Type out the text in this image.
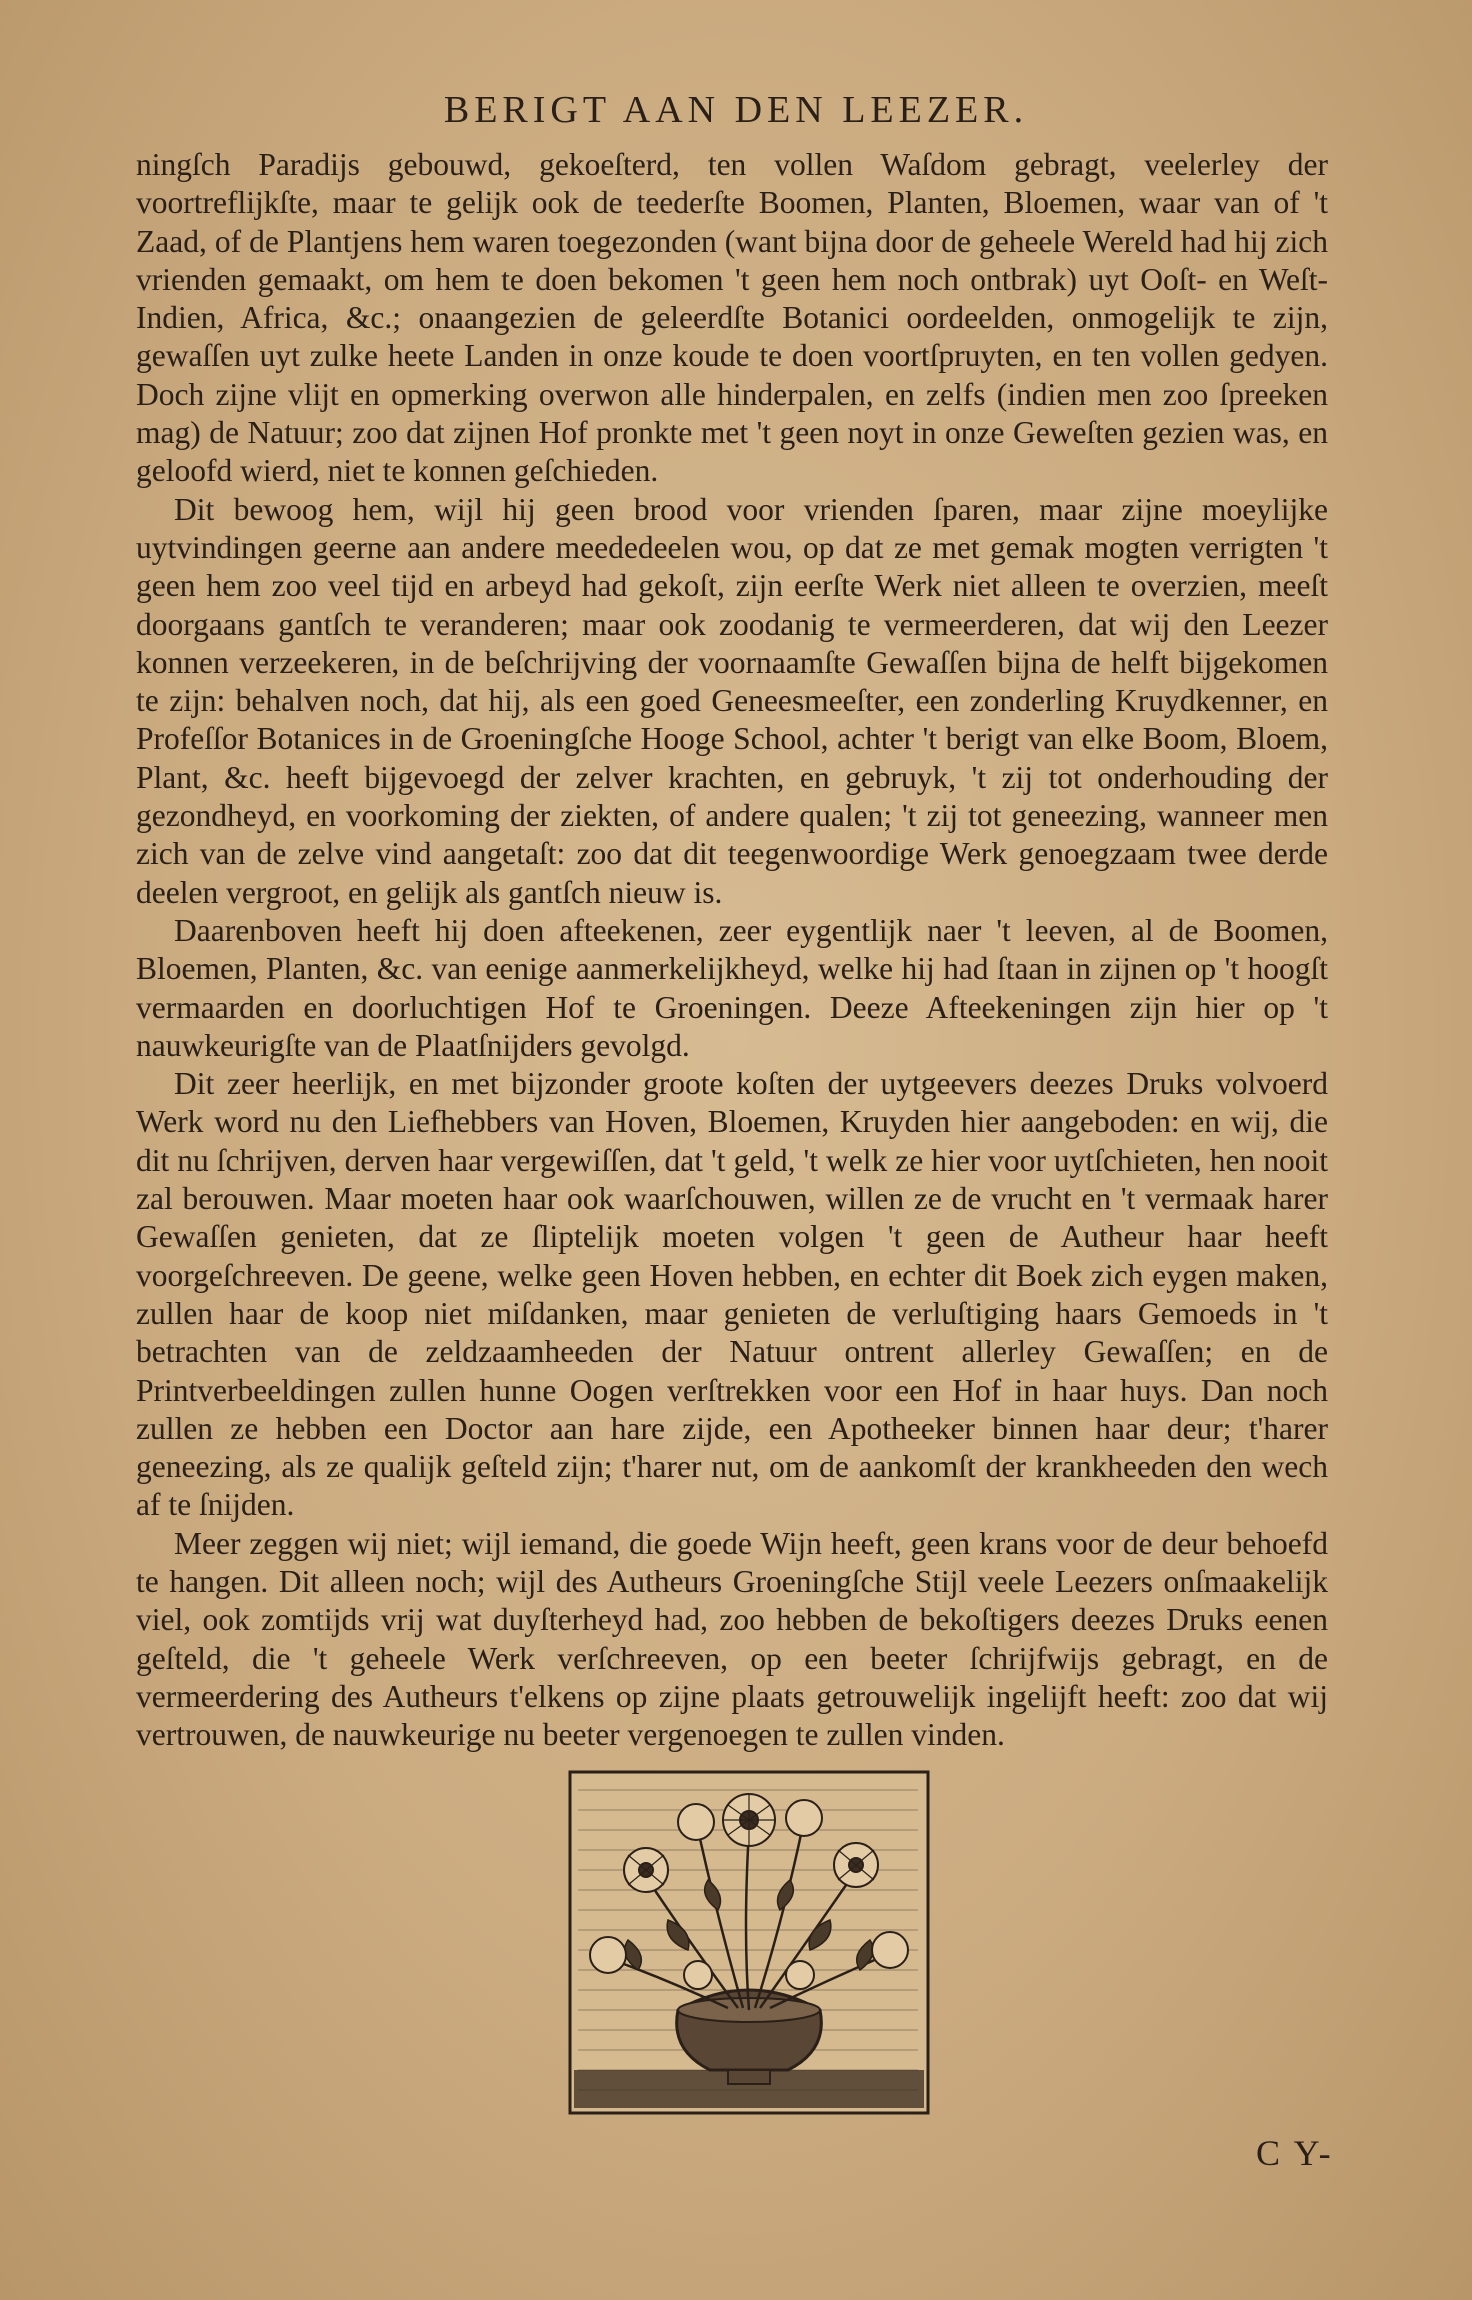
BERIGT AAN DEN LEEZER.

ningſch Paradijs gebouwd, gekoeſterd, ten vollen Waſdom gebragt, veelerley der voortreflijkſte, maar te gelijk ook de teederſte Boomen, Planten, Bloemen, waar van of 't Zaad, of de Plantjens hem waren toegezonden (want bijna door de geheele Wereld had hij zich vrienden gemaakt, om hem te doen bekomen 't geen hem noch ontbrak) uyt Ooſt- en Weſt-Indien, Africa, &c.; onaangezien de geleerdſte Botanici oordeelden, onmogelijk te zijn, gewaſſen uyt zulke heete Landen in onze koude te doen voortſpruyten, en ten vollen gedyen. Doch zijne vlijt en opmerking overwon alle hinderpalen, en zelfs (indien men zoo ſpreeken mag) de Natuur; zoo dat zijnen Hof pronkte met 't geen noyt in onze Geweſten gezien was, en geloofd wierd, niet te konnen geſchieden.

Dit bewoog hem, wijl hij geen brood voor vrienden ſparen, maar zijne moeylijke uytvindingen geerne aan andere meededeelen wou, op dat ze met gemak mogten verrigten 't geen hem zoo veel tijd en arbeyd had gekoſt, zijn eerſte Werk niet alleen te overzien, meeſt doorgaans gantſch te veranderen; maar ook zoodanig te vermeerderen, dat wij den Leezer konnen verzeekeren, in de beſchrijving der voornaamſte Gewaſſen bijna de helft bijgekomen te zijn: behalven noch, dat hij, als een goed Geneesmeeſter, een zonderling Kruydkenner, en Profeſſor Botanices in de Groeningſche Hooge School, achter 't berigt van elke Boom, Bloem, Plant, &c. heeft bijgevoegd der zelver krachten, en gebruyk, 't zij tot onderhouding der gezondheyd, en voorkoming der ziekten, of andere qualen; 't zij tot geneezing, wanneer men zich van de zelve vind aangetaſt: zoo dat dit teegenwoordige Werk genoegzaam twee derde deelen vergroot, en gelijk als gantſch nieuw is.

Daarenboven heeft hij doen afteekenen, zeer eygentlijk naer 't leeven, al de Boomen, Bloemen, Planten, &c. van eenige aanmerkelijkheyd, welke hij had ſtaan in zijnen op 't hoogſt vermaarden en doorluchtigen Hof te Groeningen. Deeze Afteekeningen zijn hier op 't nauwkeurigſte van de Plaatſnijders gevolgd.

Dit zeer heerlijk, en met bijzonder groote koſten der uytgeevers deezes Druks volvoerd Werk word nu den Liefhebbers van Hoven, Bloemen, Kruyden hier aangeboden: en wij, die dit nu ſchrijven, derven haar vergewiſſen, dat 't geld, 't welk ze hier voor uytſchieten, hen nooit zal berouwen. Maar moeten haar ook waarſchouwen, willen ze de vrucht en 't vermaak harer Gewaſſen genieten, dat ze ſliptelijk moeten volgen 't geen de Autheur haar heeft voorgeſchreeven. De geene, welke geen Hoven hebben, en echter dit Boek zich eygen maken, zullen haar de koop niet miſdanken, maar genieten de verluſtiging haars Gemoeds in 't betrachten van de zeldzaamheeden der Natuur ontrent allerley Gewaſſen; en de Printverbeeldingen zullen hunne Oogen verſtrekken voor een Hof in haar huys. Dan noch zullen ze hebben een Doctor aan hare zijde, een Apotheeker binnen haar deur; t'harer geneezing, als ze qualijk geſteld zijn; t'harer nut, om de aankomſt der krankheeden den wech af te ſnijden.

Meer zeggen wij niet; wijl iemand, die goede Wijn heeft, geen krans voor de deur behoefd te hangen. Dit alleen noch; wijl des Autheurs Groeningſche Stijl veele Leezers onſmaakelijk viel, ook zomtijds vrij wat duyſterheyd had, zoo hebben de bekoſtigers deezes Druks eenen geſteld, die 't geheele Werk verſchreeven, op een beeter ſchrijfwijs gebragt, en de vermeerdering des Autheurs t'elkens op zijne plaats getrouwelijk ingelijft heeft: zoo dat wij vertrouwen, de nauwkeurige nu beeter vergenoegen te zullen vinden.

C Y-
